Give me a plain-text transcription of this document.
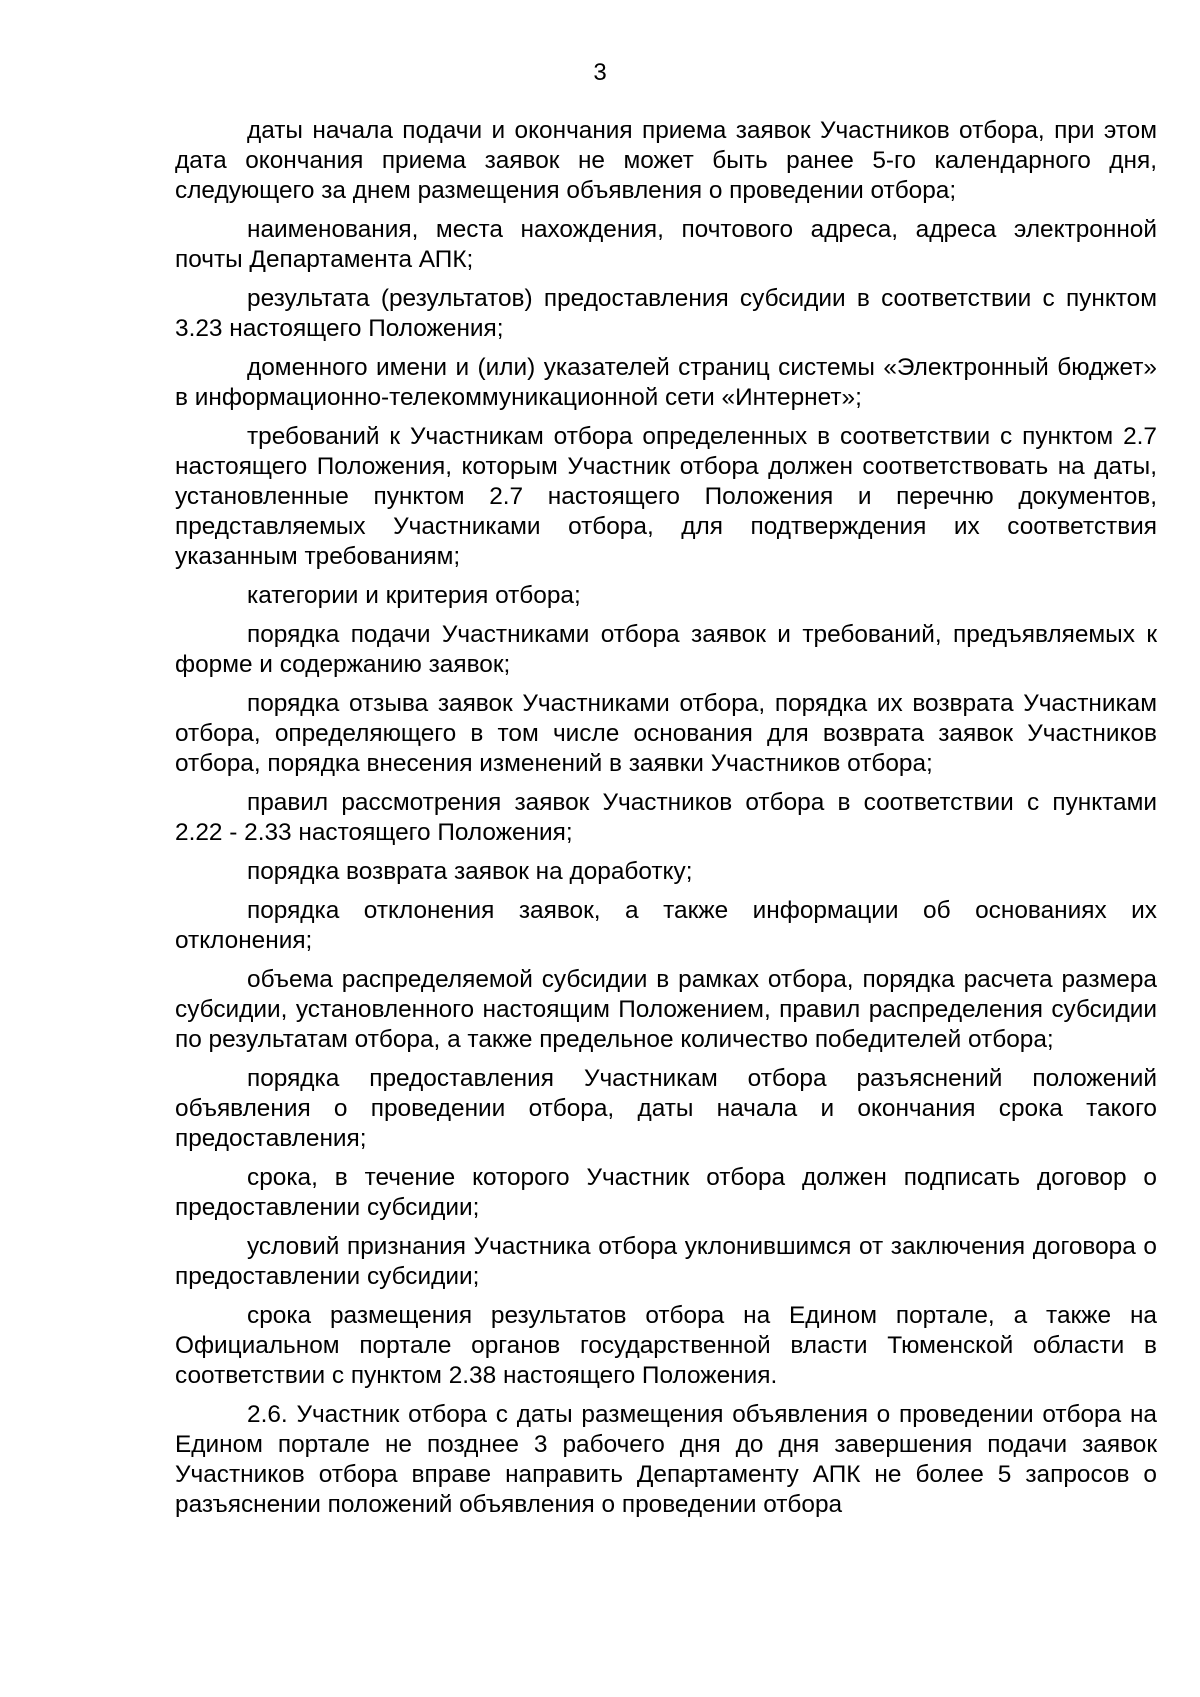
3

даты начала подачи и окончания приема заявок Участников отбора, при этом дата окончания приема заявок не может быть ранее 5-го календарного дня, следующего за днем размещения объявления о проведении отбора;

наименования, места нахождения, почтового адреса, адреса электронной почты Департамента АПК;

результата (результатов) предоставления субсидии в соответствии с пунктом 3.23 настоящего Положения;

доменного имени и (или) указателей страниц системы «Электронный бюджет» в информационно-телекоммуникационной сети «Интернет»;

требований к Участникам отбора определенных в соответствии с пунктом 2.7 настоящего Положения, которым Участник отбора должен соответствовать на даты, установленные пунктом 2.7 настоящего Положения и перечню документов, представляемых Участниками отбора, для подтверждения их соответствия указанным требованиям;

категории и критерия отбора;

порядка подачи Участниками отбора заявок и требований, предъявляемых к форме и содержанию заявок;

порядка отзыва заявок Участниками отбора, порядка их возврата Участникам отбора, определяющего в том числе основания для возврата заявок Участников отбора, порядка внесения изменений в заявки Участников отбора;

правил рассмотрения заявок Участников отбора в соответствии с пунктами 2.22 - 2.33 настоящего Положения;

порядка возврата заявок на доработку;

порядка отклонения заявок, а также информации об основаниях их отклонения;

объема распределяемой субсидии в рамках отбора, порядка расчета размера субсидии, установленного настоящим Положением, правил распределения субсидии по результатам отбора, а также предельное количество победителей отбора;

порядка предоставления Участникам отбора разъяснений положений объявления о проведении отбора, даты начала и окончания срока такого предоставления;

срока, в течение которого Участник отбора должен подписать договор о предоставлении субсидии;

условий признания Участника отбора уклонившимся от заключения договора о предоставлении субсидии;

срока размещения результатов отбора на Едином портале, а также на Официальном портале органов государственной власти Тюменской области в соответствии с пунктом 2.38 настоящего Положения.

2.6. Участник отбора с даты размещения объявления о проведении отбора на Едином портале не позднее 3 рабочего дня до дня завершения подачи заявок Участников отбора вправе направить Департаменту АПК не более 5 запросов о разъяснении положений объявления о проведении отбора
